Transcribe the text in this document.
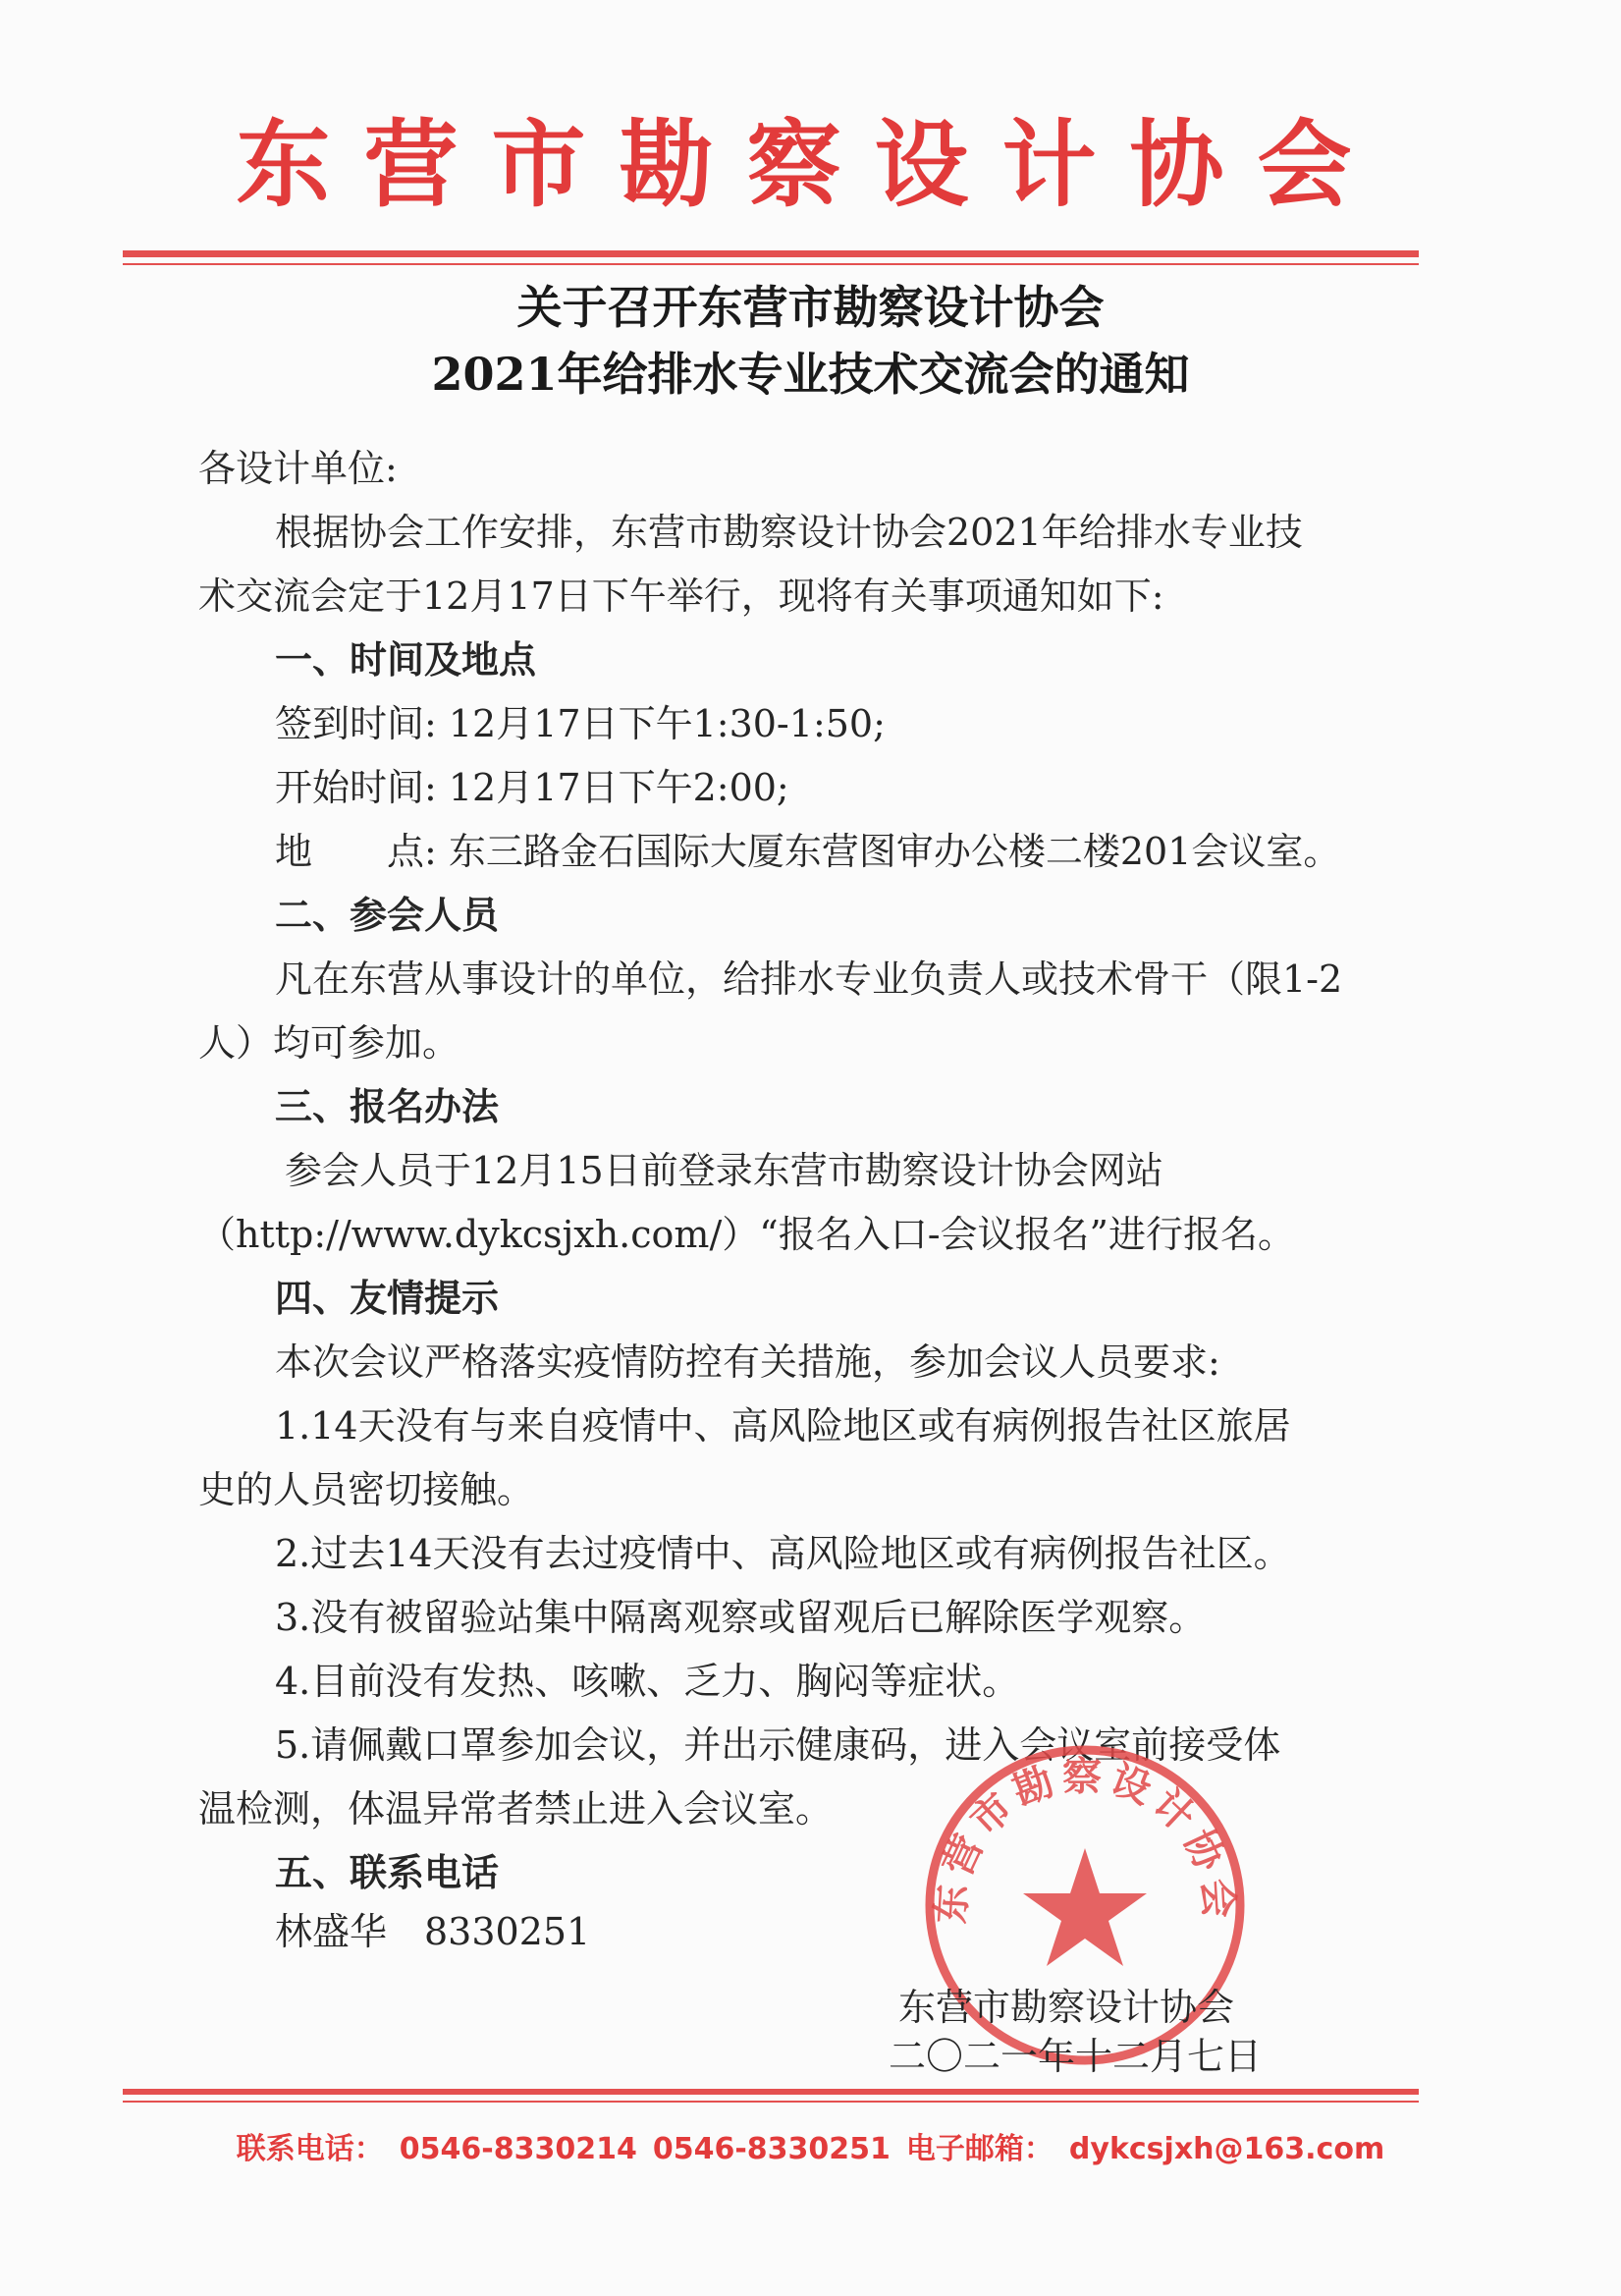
东营市勘察设计协会
关于召开东营市勘察设计协会
2021年给排水专业技术交流会的通知
各设计单位:
根据协会工作安排，东营市勘察设计协会2021年给排水专业技
术交流会定于12月17日下午举行，现将有关事项通知如下:
一、时间及地点
签到时间: 12月17日下午1:30-1:50;
开始时间: 12月17日下午2:00;
地　　点: 东三路金石国际大厦东营图审办公楼二楼201会议室。
二、参会人员
凡在东营从事设计的单位，给排水专业负责人或技术骨干（限1-2
人）均可参加。
三、报名办法
参会人员于12月15日前登录东营市勘察设计协会网站
（http://www.dykcsjxh.com/）“报名入口-会议报名”进行报名。
四、友情提示
本次会议严格落实疫情防控有关措施，参加会议人员要求:
1.14天没有与来自疫情中、高风险地区或有病例报告社区旅居
史的人员密切接触。
2.过去14天没有去过疫情中、高风险地区或有病例报告社区。
3.没有被留验站集中隔离观察或留观后已解除医学观察。
4.目前没有发热、咳嗽、乏力、胸闷等症状。
5.请佩戴口罩参加会议，并出示健康码，进入会议室前接受体
温检测，体温异常者禁止进入会议室。
五、联系电话
林盛华　8330251
东营市勘察设计协会
东营市勘察设计协会
二〇二一年十二月七日
联系电话： 0546-8330214 0546-8330251 电子邮箱： dykcsjxh@163.com
